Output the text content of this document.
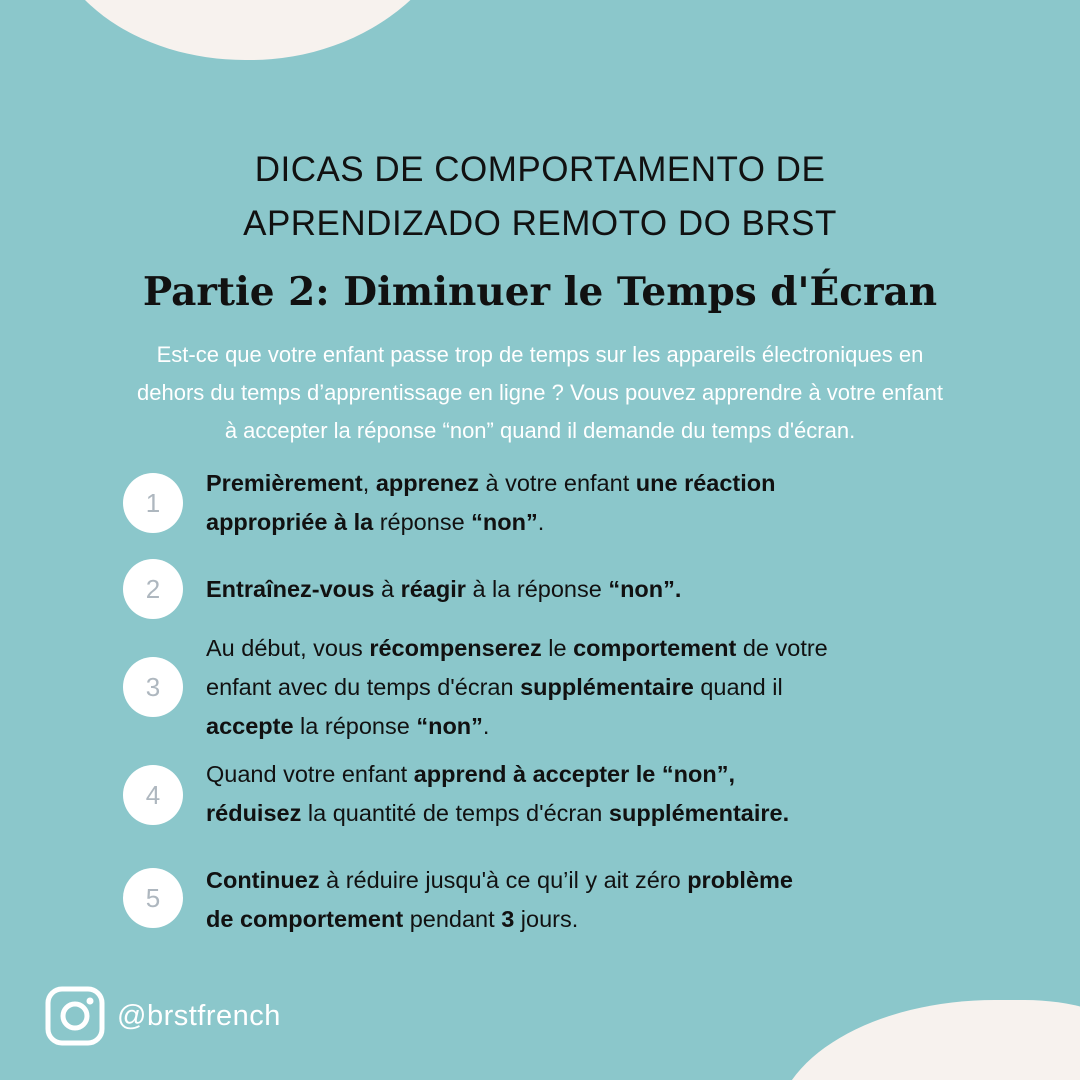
DICAS DE COMPORTAMENTO DE
APRENDIZADO REMOTO DO BRST
Partie 2: Diminuer le Temps d'Écran
Est-ce que votre enfant passe trop de temps sur les appareils électroniques en
dehors du temps d’apprentissage en ligne ? Vous pouvez apprendre à votre enfant
à accepter la réponse “non” quand il demande du temps d'écran.
1
Premièrement, apprenez à votre enfant une réaction
appropriée à la réponse “non”.
2	Entraînez-vous à réagir à la réponse “non”.
3
Au début, vous récompenserez le comportement de votre
enfant avec du temps d'écran supplémentaire quand il
accepte la réponse “non”.
4
Quand votre enfant apprend à accepter le “non”,
réduisez la quantité de temps d'écran supplémentaire.
5
Continuez à réduire jusqu'à ce qu’il y ait zéro problème
de comportement pendant 3 jours.
@brstfrench
